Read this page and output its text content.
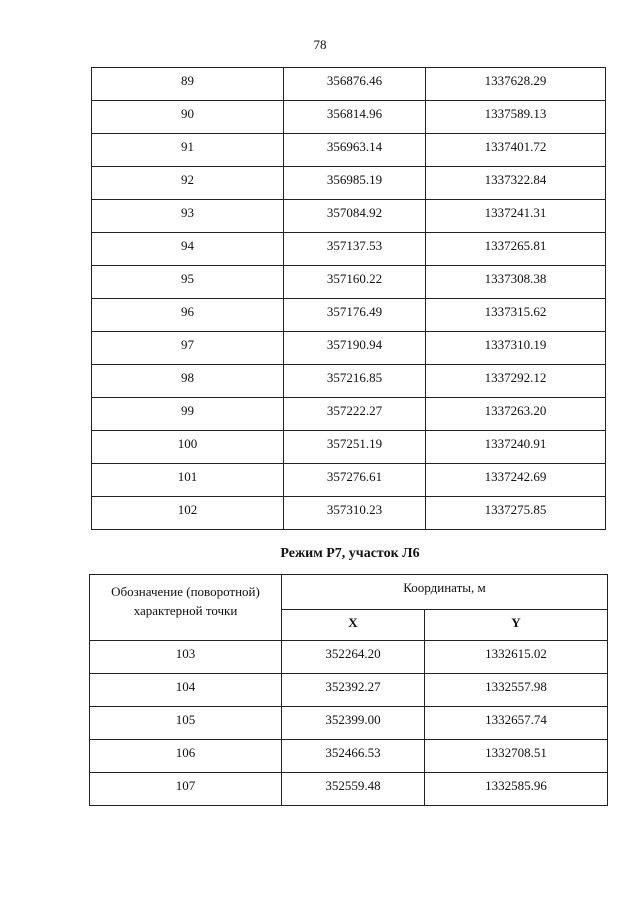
78
89	356876.46	1337628.29
90	356814.96	1337589.13
91	356963.14	1337401.72
92	356985.19	1337322.84
93	357084.92	1337241.31
94	357137.53	1337265.81
95	357160.22	1337308.38
96	357176.49	1337315.62
97	357190.94	1337310.19
98	357216.85	1337292.12
99	357222.27	1337263.20
100	357251.19	1337240.91
101	357276.61	1337242.69
102	357310.23	1337275.85
Режим Р7, участок Л6
Обозначение (поворотной)
характерной точки	Координаты, м	
	X	Y
103	352264.20	1332615.02
104	352392.27	1332557.98
105	352399.00	1332657.74
106	352466.53	1332708.51
107	352559.48	1332585.96
